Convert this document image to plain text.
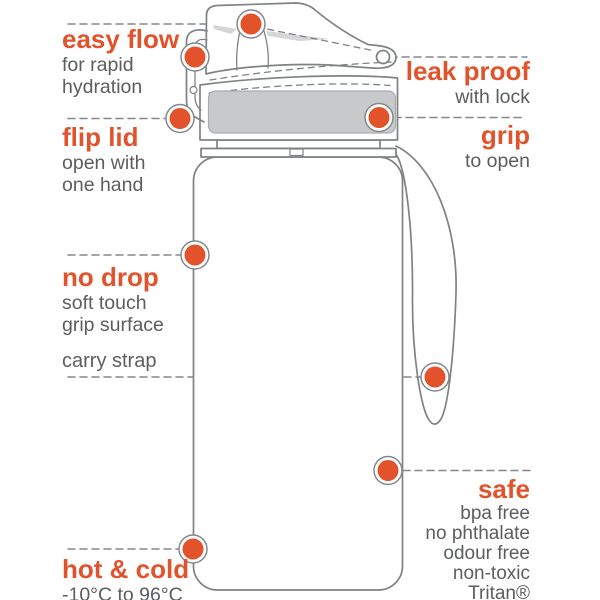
easy flow
for rapid
hydration
flip lid
open with
one hand
leak proof
with lock
grip
to open
no drop
soft touch
grip surface
carry strap
safe
bpa free
no phthalate
odour free
non-toxic
Tritan®
hot & cold
-10°C to 96°C
